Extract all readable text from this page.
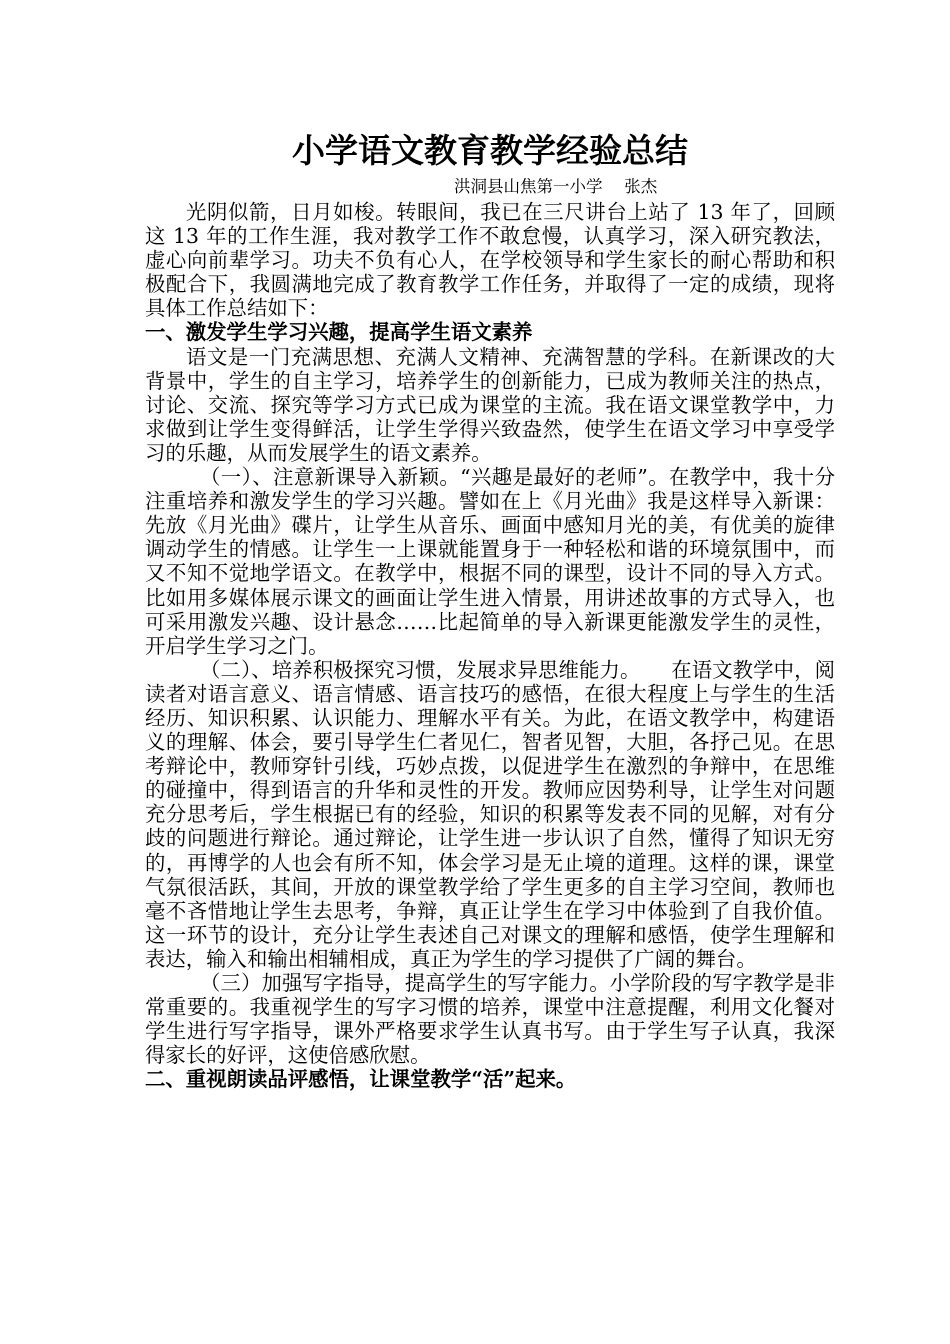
小学语文教育教学经验总结
洪洞县山焦第一小学　 张杰

光阴似箭，日月如梭。转眼间，我已在三尺讲台上站了 13 年了，回顾这 13 年的工作生涯，我对教学工作不敢怠慢，认真学习，深入研究教法，虚心向前辈学习。功夫不负有心人，在学校领导和学生家长的耐心帮助和积极配合下，我圆满地完成了教育教学工作任务，并取得了一定的成绩，现将具体工作总结如下：

一、激发学生学习兴趣，提高学生语文素养

语文是一门充满思想、充满人文精神、充满智慧的学科。在新课改的大背景中，学生的自主学习，培养学生的创新能力，已成为教师关注的热点，讨论、交流、探究等学习方式已成为课堂的主流。我在语文课堂教学中，力求做到让学生变得鲜活，让学生学得兴致盎然，使学生在语文学习中享受学习的乐趣，从而发展学生的语文素养。

（一）、注意新课导入新颖。“兴趣是最好的老师”。在教学中，我十分注重培养和激发学生的学习兴趣。譬如在上《月光曲》我是这样导入新课：先放《月光曲》碟片，让学生从音乐、画面中感知月光的美，有优美的旋律调动学生的情感。让学生一上课就能置身于一种轻松和谐的环境氛围中，而又不知不觉地学语文。在教学中，根据不同的课型，设计不同的导入方式。比如用多媒体展示课文的画面让学生进入情景，用讲述故事的方式导入，也可采用激发兴趣、设计悬念……比起简单的导入新课更能激发学生的灵性，开启学生学习之门。

（二）、培养积极探究习惯，发展求异思维能力。　　在语文教学中，阅读者对语言意义、语言情感、语言技巧的感悟，在很大程度上与学生的生活经历、知识积累、认识能力、理解水平有关。为此，在语文教学中，构建语义的理解、体会，要引导学生仁者见仁，智者见智，大胆，各抒己见。在思考辩论中，教师穿针引线，巧妙点拨，以促进学生在激烈的争辩中，在思维的碰撞中，得到语言的升华和灵性的开发。教师应因势利导，让学生对问题充分思考后，学生根据已有的经验，知识的积累等发表不同的见解，对有分歧的问题进行辩论。通过辩论，让学生进一步认识了自然，懂得了知识无穷的，再博学的人也会有所不知，体会学习是无止境的道理。这样的课，课堂气氛很活跃，其间，开放的课堂教学给了学生更多的自主学习空间，教师也毫不吝惜地让学生去思考，争辩，真正让学生在学习中体验到了自我价值。这一环节的设计，充分让学生表述自己对课文的理解和感悟，使学生理解和表达，输入和输出相辅相成，真正为学生的学习提供了广阔的舞台。

（三）加强写字指导，提高学生的写字能力。小学阶段的写字教学是非常重要的。我重视学生的写字习惯的培养，课堂中注意提醒，利用文化餐对学生进行写字指导，课外严格要求学生认真书写。由于学生写子认真，我深得家长的好评，这使倍感欣慰。

二、重视朗读品评感悟，让课堂教学“活”起来。
